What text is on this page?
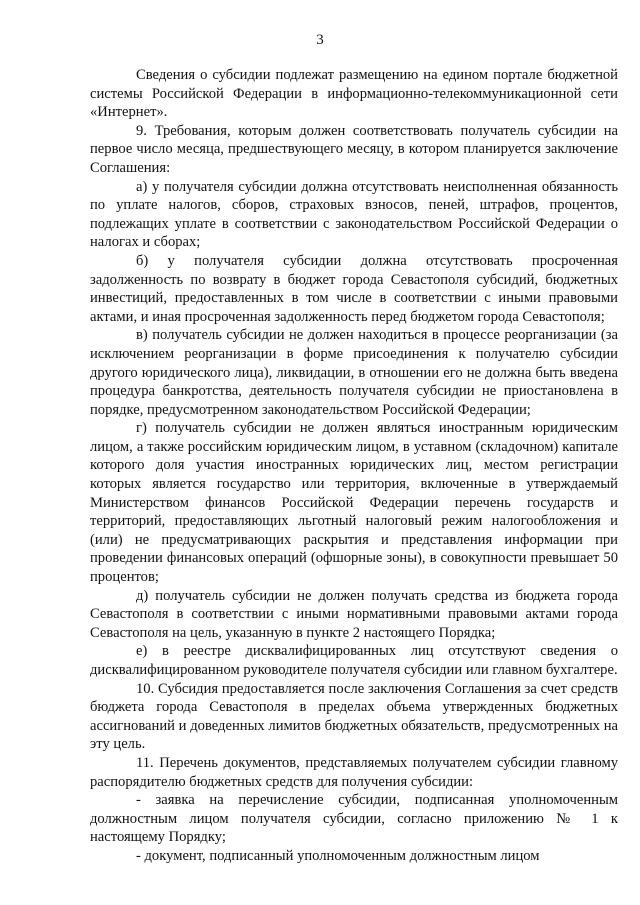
3

Сведения о субсидии подлежат размещению на едином портале бюджетной системы Российской Федерации в информационно-телекоммуникационной сети «Интернет».

9. Требования, которым должен соответствовать получатель субсидии на первое число месяца, предшествующего месяцу, в котором планируется заключение Соглашения:

а) у получателя субсидии должна отсутствовать неисполненная обязанность по уплате налогов, сборов, страховых взносов, пеней, штрафов, процентов, подлежащих уплате в соответствии с законодательством Российской Федерации о налогах и сборах;

б) у получателя субсидии должна отсутствовать просроченная задолженность по возврату в бюджет города Севастополя субсидий, бюджетных инвестиций, предоставленных в том числе в соответствии с иными правовыми актами, и иная просроченная задолженность перед бюджетом города Севастополя;

в) получатель субсидии не должен находиться в процессе реорганизации (за исключением реорганизации в форме присоединения к получателю субсидии другого юридического лица), ликвидации, в отношении его не должна быть введена процедура банкротства, деятельность получателя субсидии не приостановлена в порядке, предусмотренном законодательством Российской Федерации;

г) получатель субсидии не должен являться иностранным юридическим лицом, а также российским юридическим лицом, в уставном (складочном) капитале которого доля участия иностранных юридических лиц, местом регистрации которых является государство или территория, включенные в утверждаемый Министерством финансов Российской Федерации перечень государств и территорий, предоставляющих льготный налоговый режим налогообложения и (или) не предусматривающих раскрытия и представления информации при проведении финансовых операций (офшорные зоны), в совокупности превышает 50 процентов;

д) получатель субсидии не должен получать средства из бюджета города Севастополя в соответствии с иными нормативными правовыми актами города Севастополя на цель, указанную в пункте 2 настоящего Порядка;

е) в реестре дисквалифицированных лиц отсутствуют сведения о дисквалифицированном руководителе получателя субсидии или главном бухгалтере.

10. Субсидия предоставляется после заключения Соглашения за счет средств бюджета города Севастополя в пределах объема утвержденных бюджетных ассигнований и доведенных лимитов бюджетных обязательств, предусмотренных на эту цель.

11. Перечень документов, представляемых получателем субсидии главному распорядителю бюджетных средств для получения субсидии:

- заявка на перечисление субсидии, подписанная уполномоченным должностным лицом получателя субсидии, согласно приложению № 1 к настоящему Порядку;

- документ, подписанный уполномоченным должностным лицом
